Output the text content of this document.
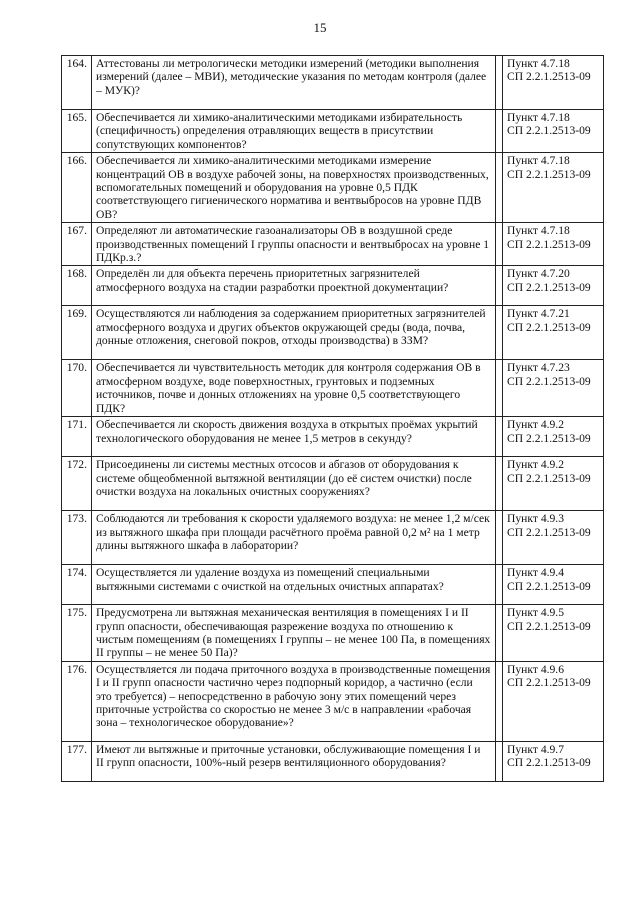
15
164.	Аттестованы ли метрологически методики измерений (методики выполнения измерений (далее – МВИ), методические указания по методам контроля (далее – МУК)?		Пункт 4.7.18
СП 2.2.1.2513-09

165.	Обеспечивается ли химико-аналитическими методиками избирательность (специфичность) определения отравляющих веществ в присутствии сопутствующих компонентов?		Пункт 4.7.18
СП 2.2.1.2513-09

166.	Обеспечивается ли химико-аналитическими методиками измерение концентраций ОВ в воздухе рабочей зоны, на поверхностях производственных, вспомогательных помещений и оборудования на уровне 0,5 ПДК соответствующего гигиенического норматива и вентвыбросов на уровне ПДВ ОВ?		Пункт 4.7.18
СП 2.2.1.2513-09

167.	Определяют ли автоматические газоанализаторы ОВ в воздушной среде производственных помещений I группы опасности и вентвыбросах на уровне 1 ПДКр.з.?		Пункт 4.7.18
СП 2.2.1.2513-09

168.	Определён ли для объекта перечень приоритетных загрязнителей атмосферного воздуха на стадии разработки проектной документации?		Пункт 4.7.20
СП 2.2.1.2513-09

169.	Осуществляются ли наблюдения за содержанием приоритетных загрязнителей атмосферного воздуха и других объектов окружающей среды (вода, почва, донные отложения, снеговой покров, отходы производства) в ЗЗМ?		Пункт 4.7.21
СП 2.2.1.2513-09

170.	Обеспечивается ли чувствительность методик для контроля содержания ОВ в атмосферном воздухе, воде поверхностных, грунтовых и подземных источников, почве и донных отложениях на уровне 0,5 соответствующего ПДК?		Пункт 4.7.23
СП 2.2.1.2513-09

171.	Обеспечивается ли скорость движения воздуха в открытых проёмах укрытий технологического оборудования не менее 1,5 метров в секунду?		Пункт 4.9.2
СП 2.2.1.2513-09

172.	Присоединены ли системы местных отсосов и абгазов от оборудования к системе общеобменной вытяжной вентиляции (до её систем очистки) после очистки воздуха на локальных очистных сооружениях?		Пункт 4.9.2
СП 2.2.1.2513-09

173.	Соблюдаются ли требования к скорости удаляемого воздуха: не менее 1,2 м/сек из вытяжного шкафа при площади расчётного проёма равной 0,2 м² на 1 метр длины вытяжного шкафа в лаборатории?		Пункт 4.9.3
СП 2.2.1.2513-09

174.	Осуществляется ли удаление воздуха из помещений специальными вытяжными системами с очисткой на отдельных очистных аппаратах?		Пункт 4.9.4
СП 2.2.1.2513-09

175.	Предусмотрена ли вытяжная механическая вентиляция в помещениях I и II групп опасности, обеспечивающая разрежение воздуха по отношению к чистым помещениям (в помещениях I группы – не менее 100 Па, в помещениях II группы – не менее 50 Па)?		Пункт 4.9.5
СП 2.2.1.2513-09

176.	Осуществляется ли подача приточного воздуха в производственные помещения I и II групп опасности частично через подпорный коридор, а частично (если это требуется) – непосредственно в рабочую зону этих помещений через приточные устройства со скоростью не менее 3 м/с в направлении «рабочая зона – технологическое оборудование»?		Пункт 4.9.6
СП 2.2.1.2513-09

177.	Имеют ли вытяжные и приточные установки, обслуживающие помещения I и II групп опасности, 100%-ный резерв вентиляционного оборудования?		Пункт 4.9.7
СП 2.2.1.2513-09
